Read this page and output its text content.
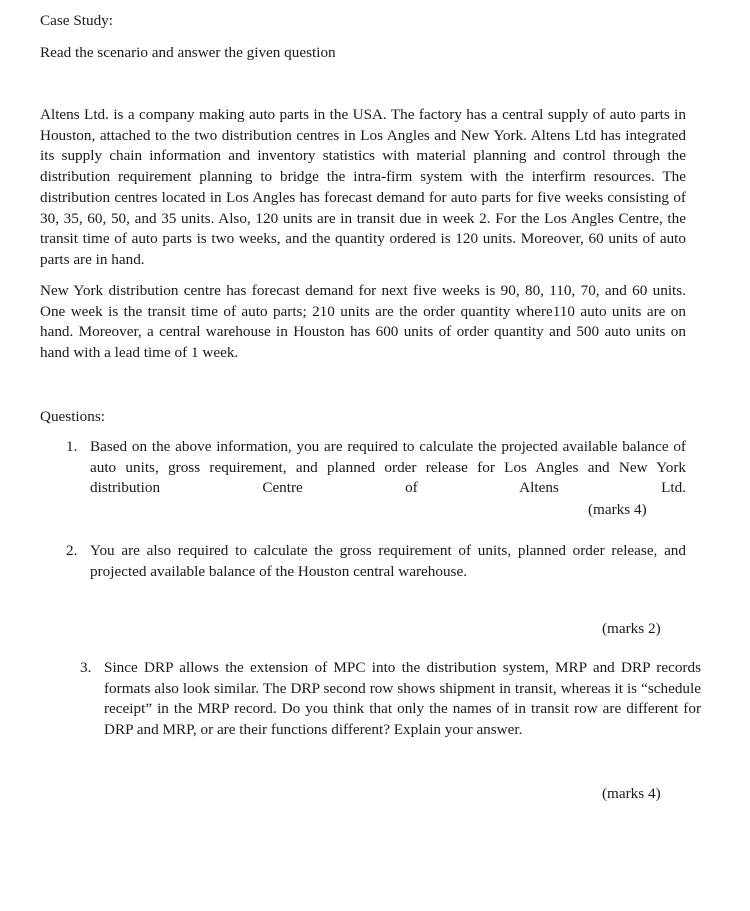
Case Study:
Read the scenario and answer the given question
Altens Ltd. is a company making auto parts in the USA. The factory has a central supply of auto parts in Houston, attached to the two distribution centres in Los Angles and New York. Altens Ltd has integrated its supply chain information and inventory statistics with material planning and control through the distribution requirement planning to bridge the intra-firm system with the interfirm resources. The distribution centres located in Los Angles has forecast demand for auto parts for five weeks consisting of 30, 35, 60, 50, and 35 units. Also, 120 units are in transit due in week 2. For the Los Angles Centre, the transit time of auto parts is two weeks, and the quantity ordered is 120 units. Moreover, 60 units of auto parts are in hand.
New York distribution centre has forecast demand for next five weeks is 90, 80, 110, 70, and 60 units. One week is the transit time of auto parts; 210 units are the order quantity where110 auto units are on hand. Moreover, a central warehouse in Houston has 600 units of order quantity and 500 auto units on hand with a lead time of 1 week.
Questions:
1. Based on the above information, you are required to calculate the projected available balance of auto units, gross requirement, and planned order release for Los Angles and New York distribution Centre of Altens Ltd.
(marks 4)
2. You are also required to calculate the gross requirement of units, planned order release, and projected available balance of the Houston central warehouse.
(marks 2)
3. Since DRP allows the extension of MPC into the distribution system, MRP and DRP records formats also look similar. The DRP second row shows shipment in transit, whereas it is “schedule receipt” in the MRP record. Do you think that only the names of in transit row are different for DRP and MRP, or are their functions different? Explain your answer.
(marks 4)
